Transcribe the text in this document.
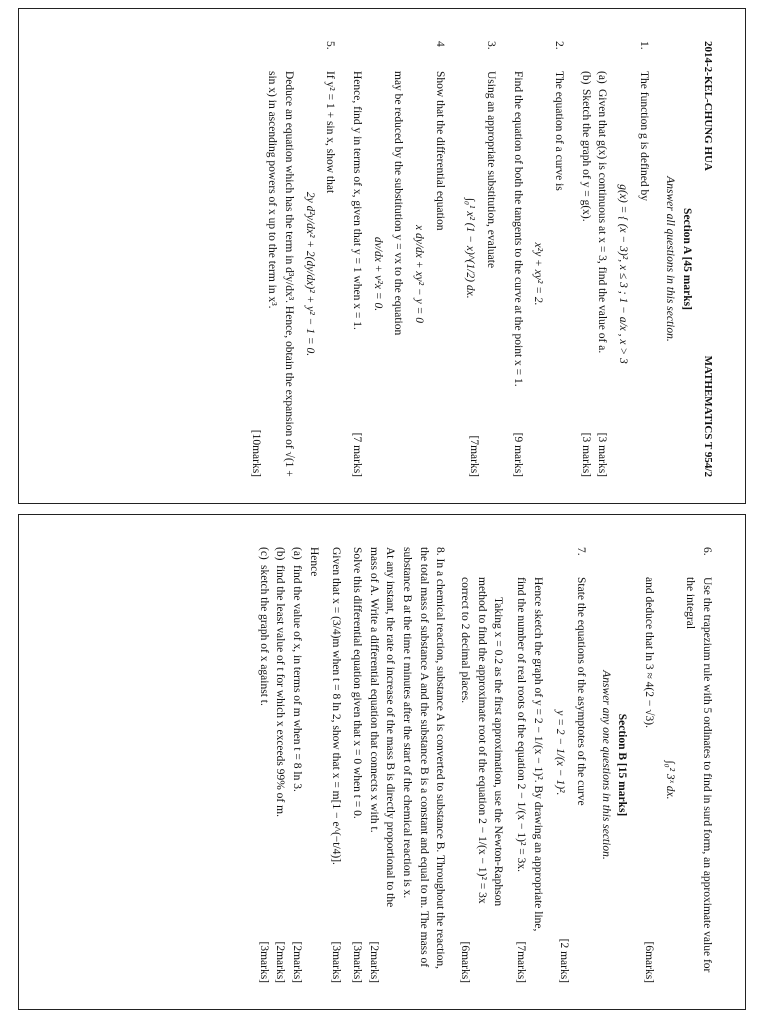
2014-2-KEL-CHUNG HUA
MATHEMATICS T 954/2
Section A [45 marks]
Answer all questions in this section.
1.
The function g is defined by
g(x) = { (x − 3)², x ≤ 3 ; 1 − a/x , x > 3
(a)
Given that g(x) is continuous at x = 3, find the value of a.
[3 marks]
(b)
Sketch the graph of y = g(x).
[3 marks]
2.
The equation of a curve is
x²y + xy² = 2.
Find the equation of both the tangents to the curve at the point x = 1.
[9 marks]
3.
Using an appropriate substitution, evaluate
∫₀¹ x² (1 − x)^(1/2) dx.
[7marks]
4
Show that the differential equation
x dy/dx + xy² − y = 0
may be reduced by the substitution y = vx to the equation
dv/dx + v²x = 0.
Hence, find y in terms of x, given that y = 1 when x = 1.
[7 marks]
5.
If y² = 1 + sin x, show that
2y d²y/dx² + 2(dy/dx)² + y² − 1 = 0.
Deduce an equation which has the term in d³y/dx³. Hence, obtain the expansion of √(1 + sin x) in ascending powers of x up to the term in x³.
[10marks]
6.
Use the trapezium rule with 5 ordinates to find in surd form, an approximate value for the integral
∫₀² 3ˣ dx.
and deduce that ln 3 ≈ 4(2 − √3).
[6marks]
Section B [15 marks]
Answer any one questions in this section.
7.
State the equations of the asymptotes of the curve
y = 2 − 1/(x − 1)².
[2 marks]
Hence sketch the graph of y = 2 − 1/(x − 1)². By drawing an appropriate line, find the number of real roots of the equation 2 − 1/(x − 1)² = 3x.
[7marks]
Taking x = 0.2 as the first approximation, use the Newton-Raphson method to find the approximate root of the equation 2 − 1/(x − 1)² = 3x correct to 2 decimal places.
[6marks]
8. In a chemical reaction, substance A is converted to substance B. Throughout the reaction, the total mass of substance A and the substance B is a constant and equal to m. The mass of substance B at the time t minutes after the start of the chemical reaction is x.
At any instant, the rate of increase of the mass B is directly proportional to the mass of A. Write a differential equation that connects x with t.
[2marks]
Solve this differential equation given that x = 0 when t = 0.
[3marks]
Given that x = (3/4)m when t = 8 ln 2, show that x = m[1 − e^(−t/4)].
[3marks]
Hence
(a)
find the value of x, in terms of m when t = 8 ln 3.
[2marks]
(b)
find the least value of t for which x exceeds 99% of m.
[2marks]
(c)
sketch the graph of x against t.
[3marks]
